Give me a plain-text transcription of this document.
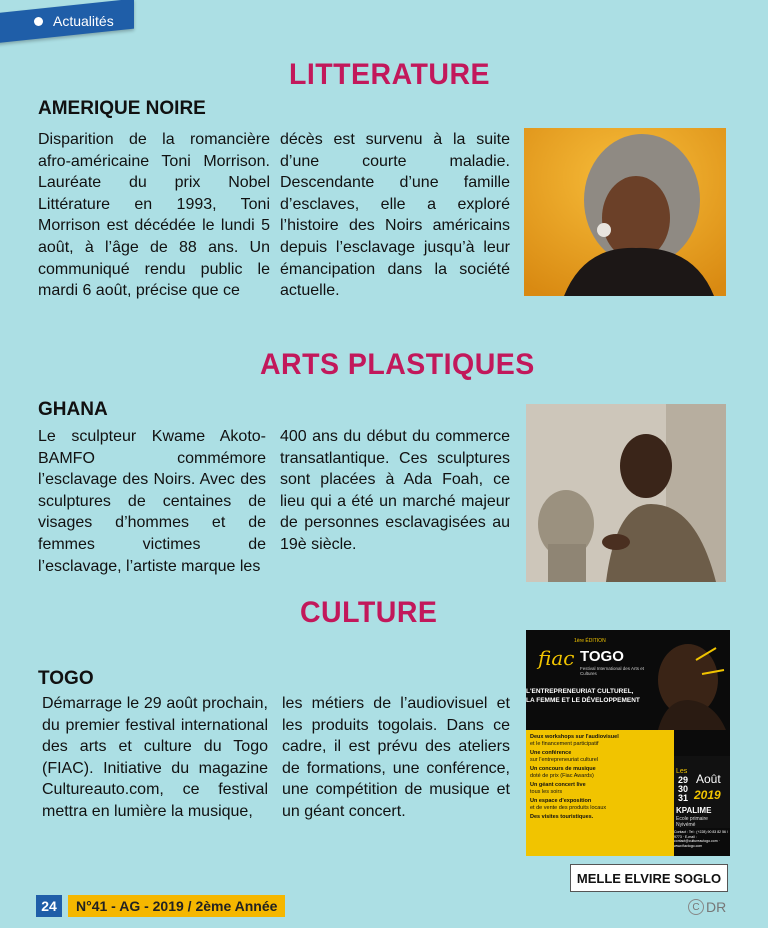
Actualités
LITTERATURE
AMERIQUE NOIRE
Disparition de la romancière afro-américaine Toni Morrison. Lauréate du prix Nobel Littérature en 1993, Toni Morrison est décédée le lundi 5 août, à l’âge de 88 ans. Un communiqué rendu public le mardi 6 août, précise que ce
décès est survenu à la suite d’une courte maladie. Descendante d’une famille d’esclaves, elle a exploré l’histoire des Noirs américains depuis l’esclavage jusqu’à leur émancipation dans la société actuelle.
ARTS PLASTIQUES
GHANA
Le sculpteur Kwame Akoto-BAMFO commémore l’esclavage des Noirs. Avec des sculptures de centaines de visages d’hommes et de femmes victimes de l’esclavage, l’artiste marque les
400 ans du début du commerce transatlantique. Ces sculptures sont placées à Ada Foah, ce lieu qui a été un marché majeur de personnes esclavagisées au 19è siècle.
CULTURE
TOGO
Démarrage le 29 août prochain, du premier festival international des arts et culture du Togo (FIAC). Initiative du magazine Cultureauto.com, ce festival mettra en lumière la musique,
les métiers de l’audiovisuel et les produits togolais. Dans ce cadre, il est prévu des ateliers de formations, une conférence, une compétition de musique et un géant concert.
1ère ÉDITION
fiac TOGO
Festival International des Arts et Cultures
L'ENTREPRENEURIAT CULTUREL,
LA FEMME ET LE DÉVELOPPEMENT
Deux workshops sur l'audiovisuel
et le financement participatif
Une conférence
sur l'entrepreneuriat culturel
Un concours de musique
doté de prix (Fiac Awards)
Un géant concert live
tous les soirs
Un espace d'exposition
et de vente des produits locaux
Des visites touristiques.
Les
29
30
31
Août
2019
KPALIME
Ecole primaire Nyivémé
Contact : Tel : (+228) 90 83 82 56 / 9773 · E-mail : contact@cultureautogo.com · www.fiactogo.com
MELLE ELVIRE SOGLO
24	N°41 - AG - 2019 / 2ème Année	C DR
